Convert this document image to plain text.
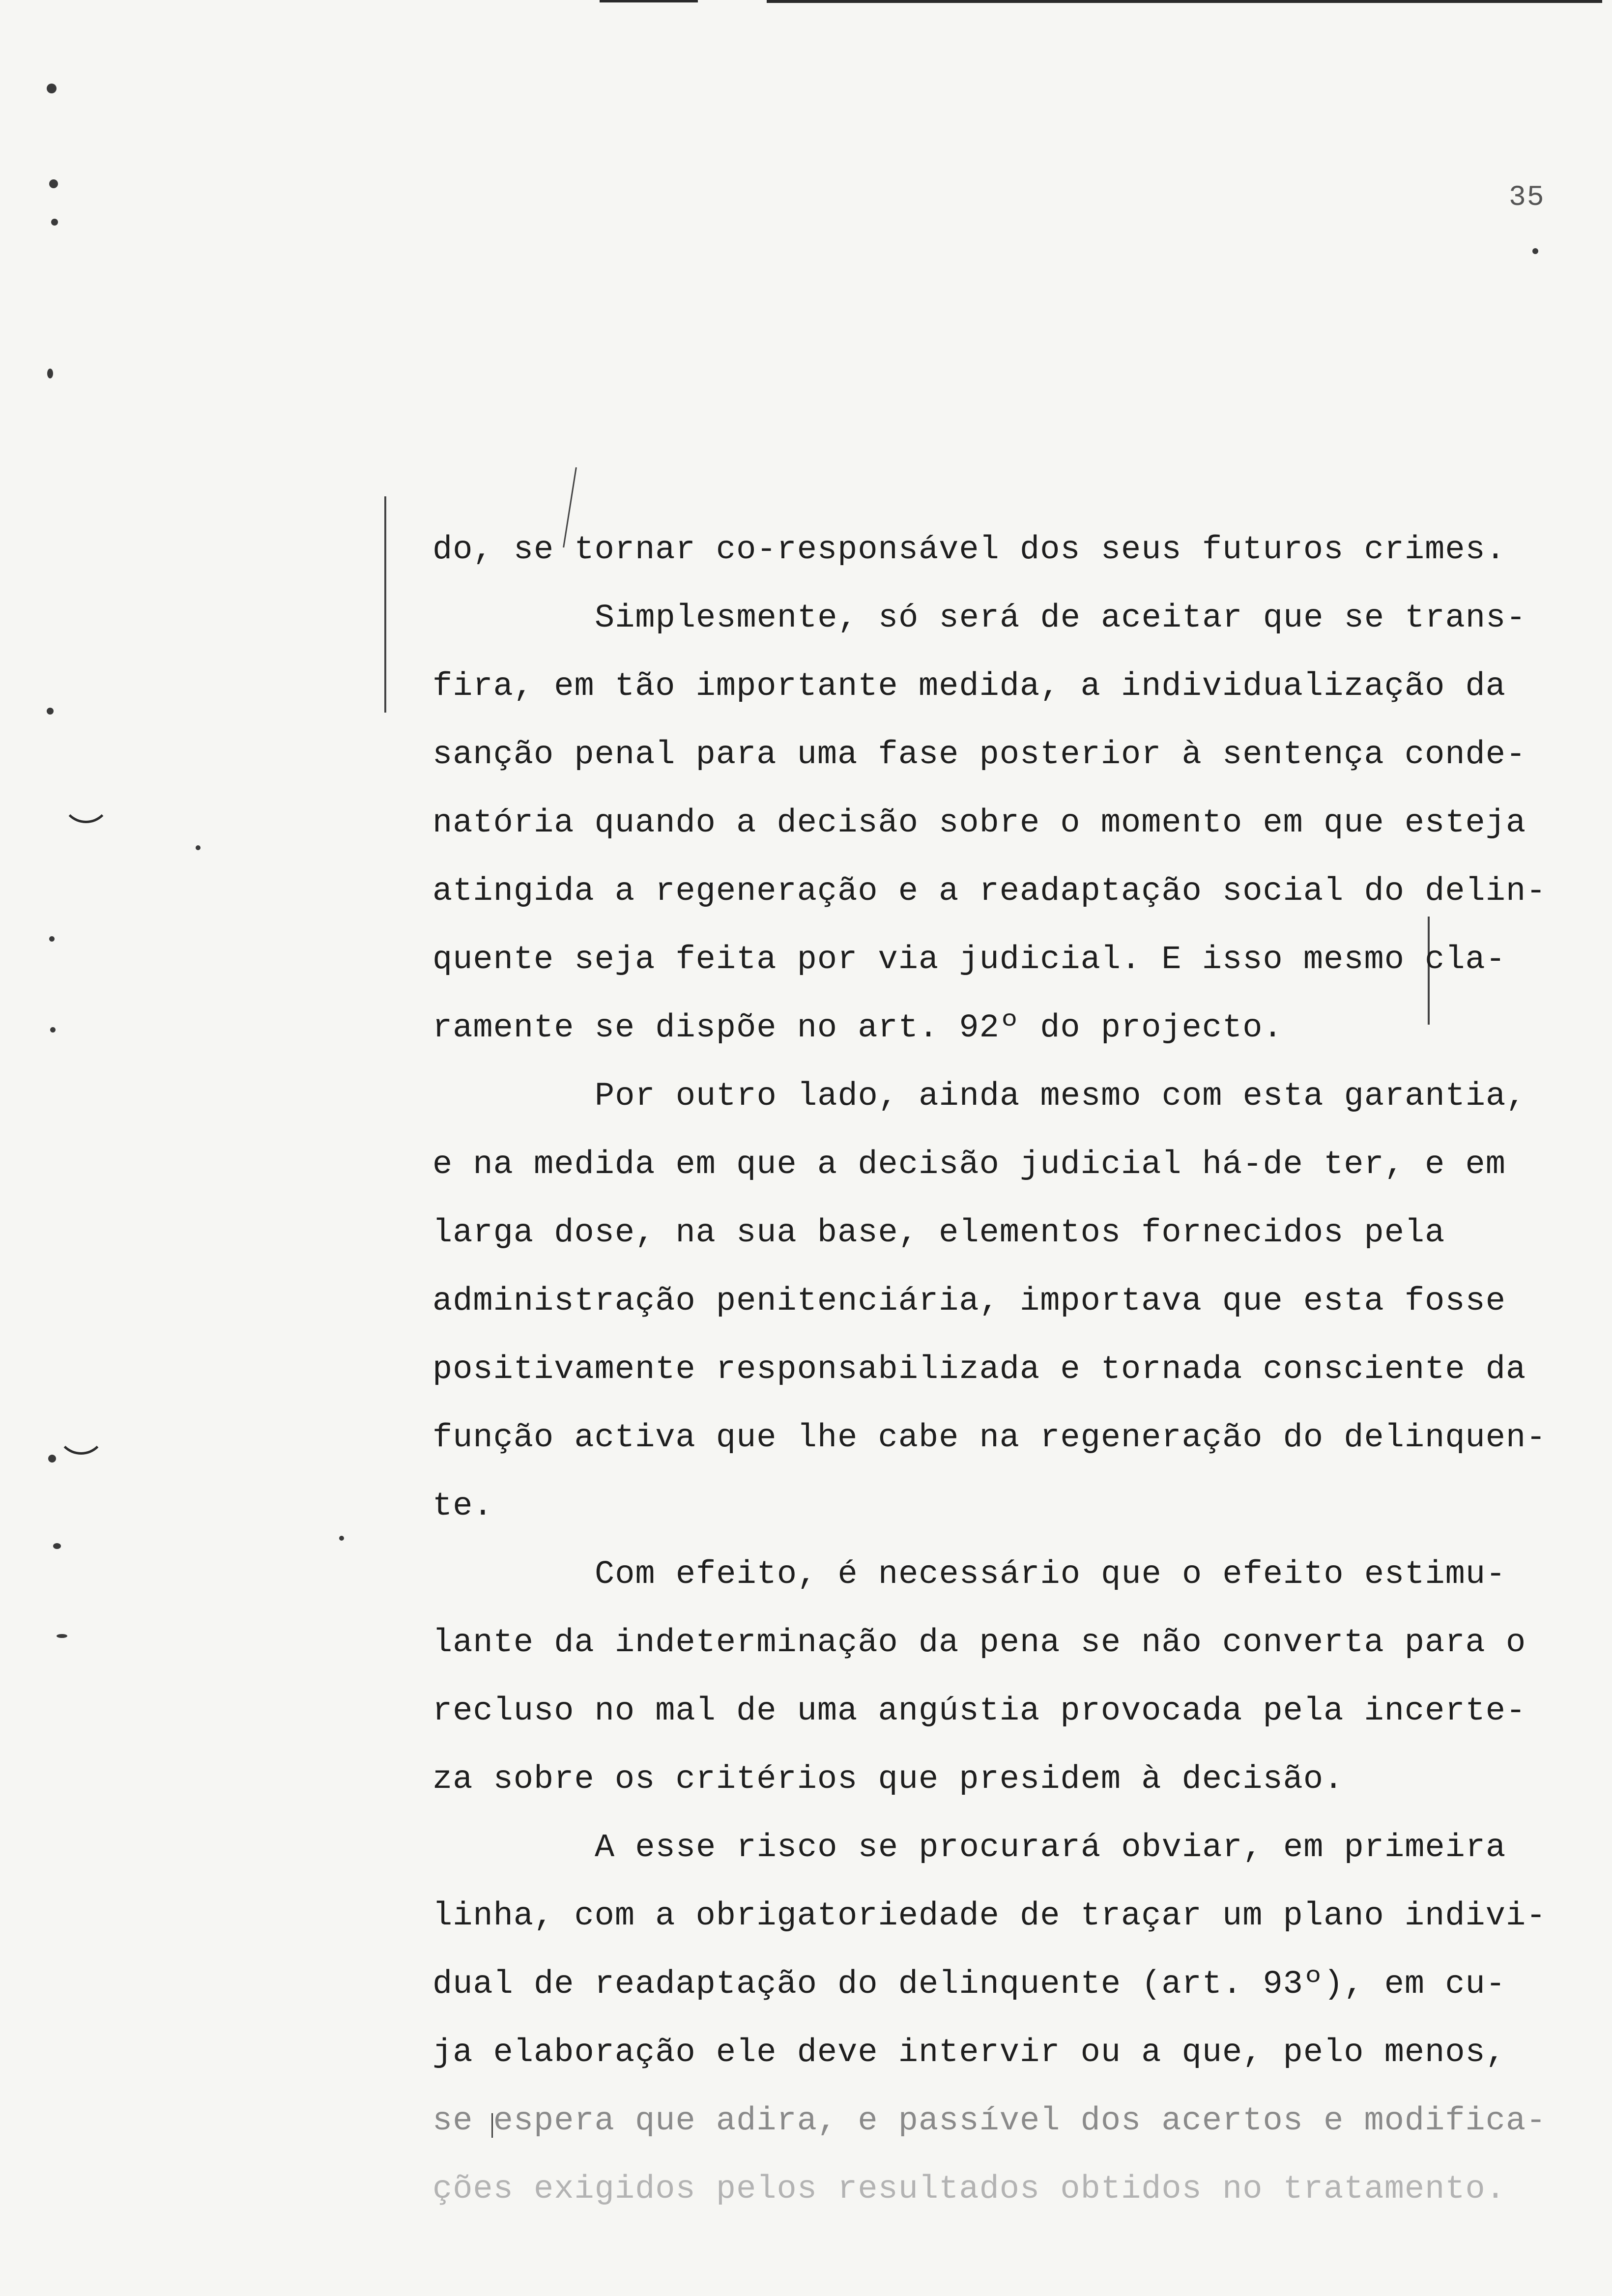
35
do, se tornar co-responsável dos seus futuros crimes.
Simplesmente, só será de aceitar que se trans-
fira, em tão importante medida, a individualização da
sanção penal para uma fase posterior à sentença conde-
natória quando a decisão sobre o momento em que esteja
atingida a regeneração e a readaptação social do delin-
quente seja feita por via judicial. E isso mesmo cla-
ramente se dispõe no art. 92º do projecto.
Por outro lado, ainda mesmo com esta garantia,
e na medida em que a decisão judicial há-de ter, e em
larga dose, na sua base, elementos fornecidos pela
administração penitenciária, importava que esta fosse
positivamente responsabilizada e tornada consciente da
função activa que lhe cabe na regeneração do delinquen-
te.
Com efeito, é necessário que o efeito estimu-
lante da indeterminação da pena se não converta para o
recluso no mal de uma angústia provocada pela incerte-
za sobre os critérios que presidem à decisão.
A esse risco se procurará obviar, em primeira
linha, com a obrigatoriedade de traçar um plano indivi-
dual de readaptação do delinquente (art. 93º), em cu-
ja elaboração ele deve intervir ou a que, pelo menos,
se espera que adira, e passível dos acertos e modifica-
ções exigidos pelos resultados obtidos no tratamento.
